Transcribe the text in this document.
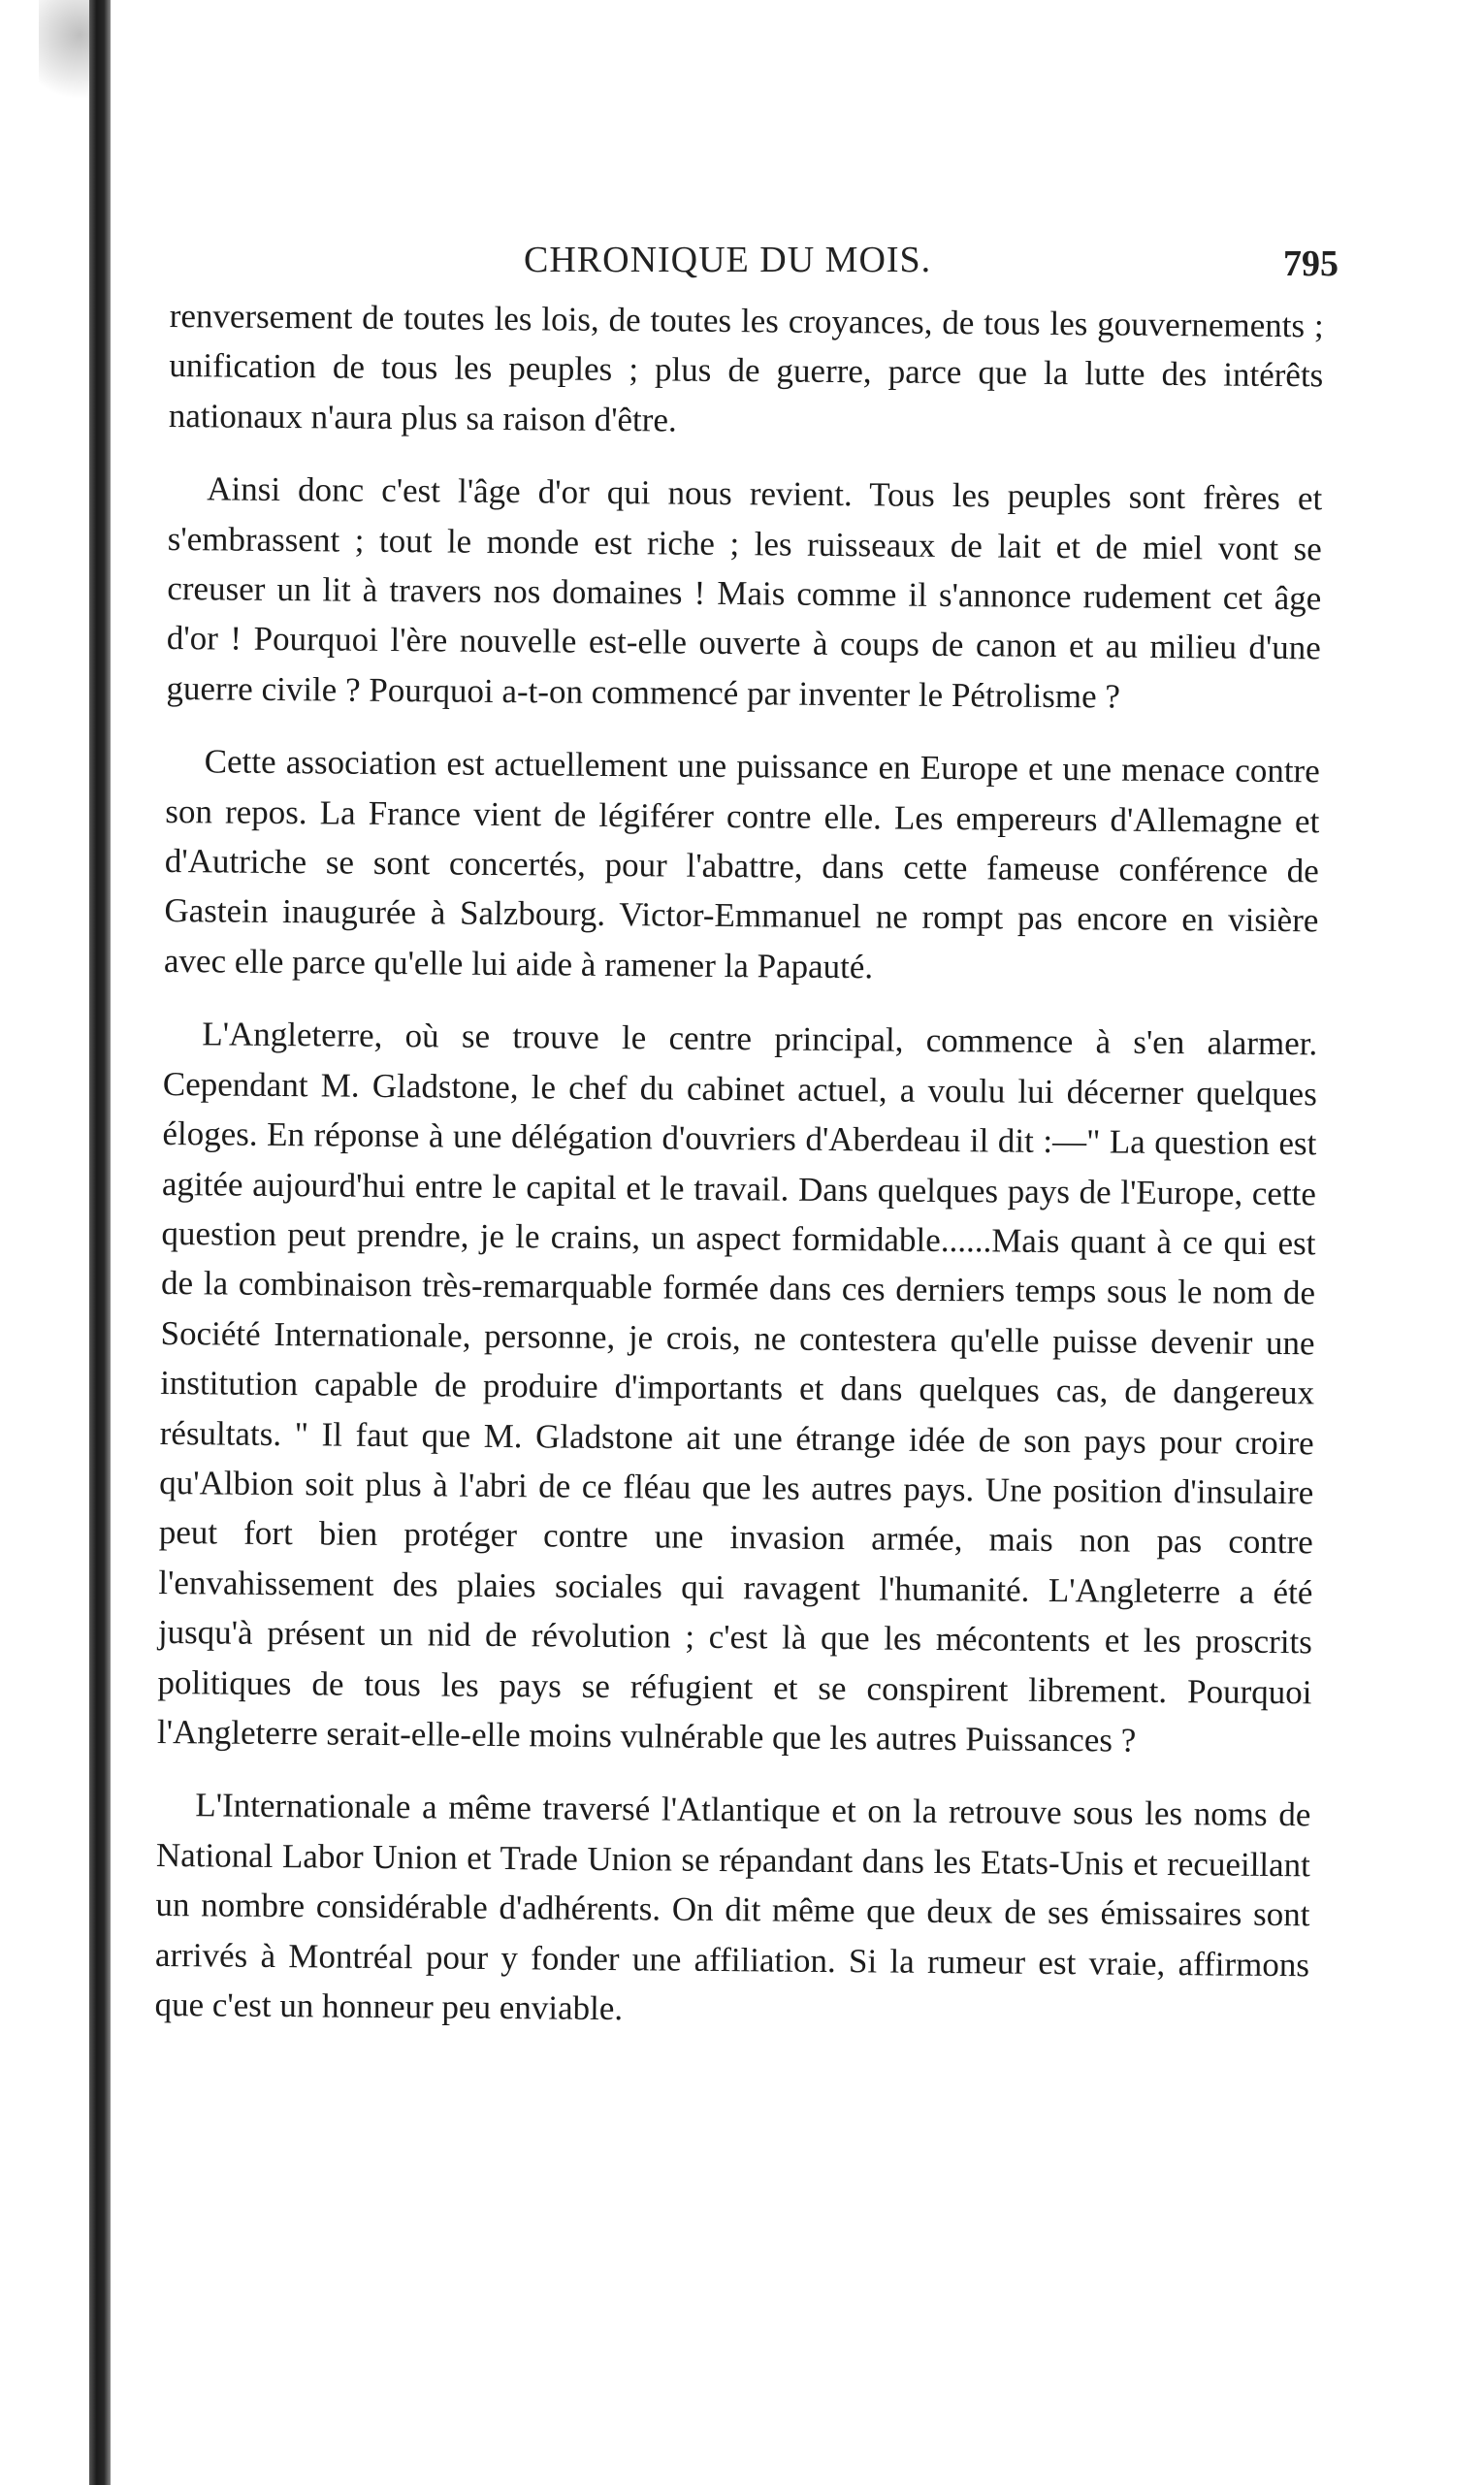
CHRONIQUE DU MOIS.	795

renversement de toutes les lois, de toutes les croyances, de tous les gouvernements ; unification de tous les peuples ; plus de guerre, parce que la lutte des intérêts nationaux n'aura plus sa raison d'être.

Ainsi donc c'est l'âge d'or qui nous revient. Tous les peuples sont frères et s'embrassent ; tout le monde est riche ; les ruisseaux de lait et de miel vont se creuser un lit à travers nos domaines ! Mais comme il s'annonce rudement cet âge d'or ! Pourquoi l'ère nouvelle est-elle ouverte à coups de canon et au milieu d'une guerre civile ? Pourquoi a-t-on commencé par inventer le Pétrolisme ?

Cette association est actuellement une puissance en Europe et une menace contre son repos. La France vient de légiférer contre elle. Les empereurs d'Allemagne et d'Autriche se sont concertés, pour l'abattre, dans cette fameuse conférence de Gastein inaugurée à Salzbourg. Victor-Emmanuel ne rompt pas encore en visière avec elle parce qu'elle lui aide à ramener la Papauté.

L'Angleterre, où se trouve le centre principal, commence à s'en alarmer. Cependant M. Gladstone, le chef du cabinet actuel, a voulu lui décerner quelques éloges. En réponse à une délégation d'ouvriers d'Aberdeau il dit :—" La question est agitée aujourd'hui entre le capital et le travail. Dans quelques pays de l'Europe, cette question peut prendre, je le crains, un aspect formidable......Mais quant à ce qui est de la combinaison très-remarquable formée dans ces derniers temps sous le nom de Société Internationale, personne, je crois, ne contestera qu'elle puisse devenir une institution capable de produire d'importants et dans quelques cas, de dangereux résultats. " Il faut que M. Gladstone ait une étrange idée de son pays pour croire qu'Albion soit plus à l'abri de ce fléau que les autres pays. Une position d'insulaire peut fort bien protéger contre une invasion armée, mais non pas contre l'envahissement des plaies sociales qui ravagent l'humanité. L'Angleterre a été jusqu'à présent un nid de révolution ; c'est là que les mécontents et les proscrits politiques de tous les pays se réfugient et se conspirent librement. Pourquoi l'Angleterre serait-elle-elle moins vulnérable que les autres Puissances ?

L'Internationale a même traversé l'Atlantique et on la retrouve sous les noms de National Labor Union et Trade Union se répandant dans les Etats-Unis et recueillant un nombre considérable d'adhérents. On dit même que deux de ses émissaires sont arrivés à Montréal pour y fonder une affiliation. Si la rumeur est vraie, affirmons que c'est un honneur peu enviable.
